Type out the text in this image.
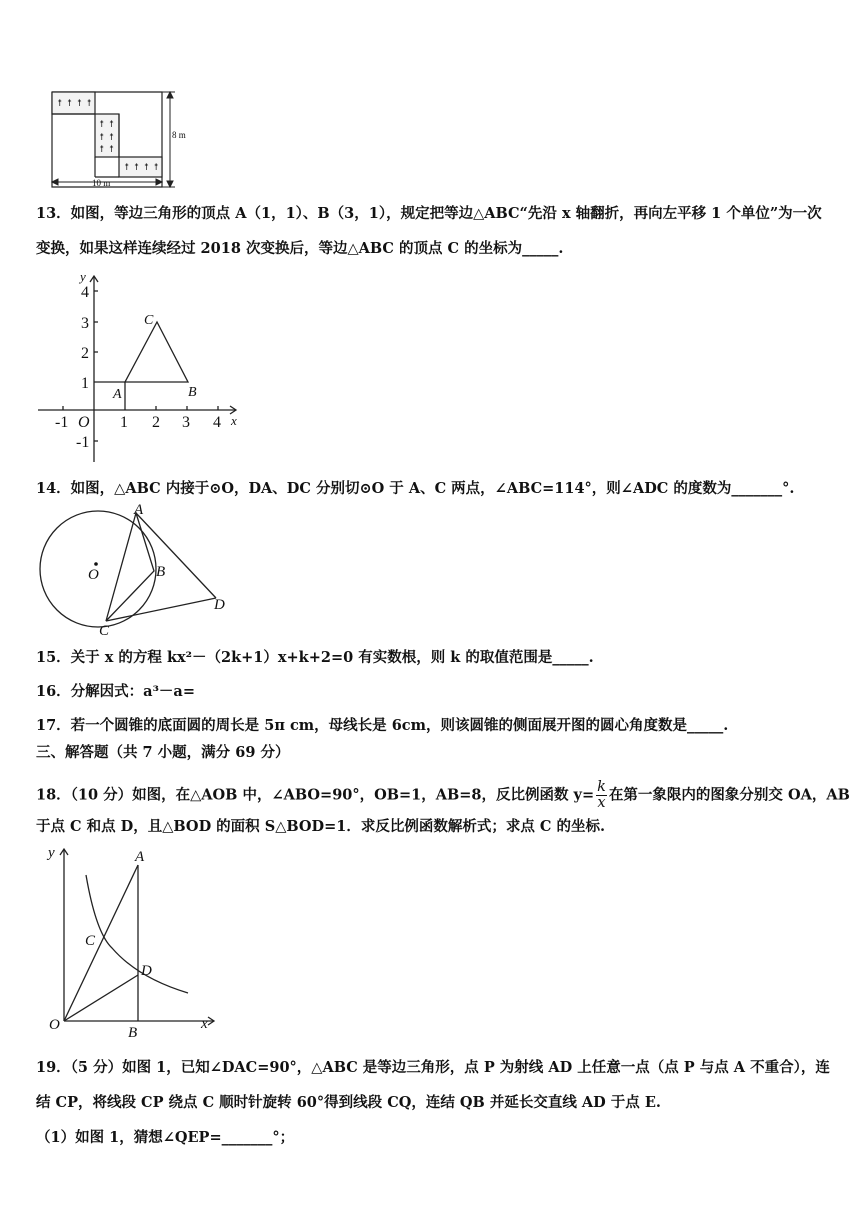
↟ ↟ ↟ ↟
↟ ↟
↟ ↟
↟ ↟
↟ ↟ ↟ ↟
10 m
8 m
13．如图，等边三角形的顶点 A（1，1）、B（3，1），规定把等边△ABC“先沿 x 轴翻折，再向左平移 1 个单位”为一次
变换，如果这样连续经过 2018 次变换后，等边△ABC 的顶点 C 的坐标为_____.
y
x
O
-1	1 2 3 4
4
3
2
1
-1
A	B
C
14．如图，△ABC 内接于⊙O，DA、DC 分别切⊙O 于 A、C 两点，∠ABC=114°，则∠ADC 的度数为_______°.
A
B
C
D
O
15．关于 x 的方程 kx²－（2k+1）x+k+2=0 有实数根，则 k 的取值范围是_____.
16．分解因式：a³－a=
17．若一个圆锥的底面圆的周长是 5π cm，母线长是 6cm，则该圆锥的侧面展开图的圆心角度数是_____.
三、解答题（共 7 小题，满分 69 分）
18．（10 分）如图，在△AOB 中，∠ABO=90°，OB=1，AB=8，反比例函数 $y= \frac{k}{x}$ 在第一象限内的图象分别交 OA，AB
于点 C 和点 D，且△BOD 的面积 S△BOD=1．求反比例函数解析式；求点 C 的坐标.
y
x
A
B
C
D
O
19．（5 分）如图 1，已知∠DAC=90°，△ABC 是等边三角形，点 P 为射线 AD 上任意一点（点 P 与点 A 不重合），连
结 CP，将线段 CP 绕点 C 顺时针旋转 60°得到线段 CQ，连结 QB 并延长交直线 AD 于点 E.
（1）如图 1，猜想∠QEP=_______°；
